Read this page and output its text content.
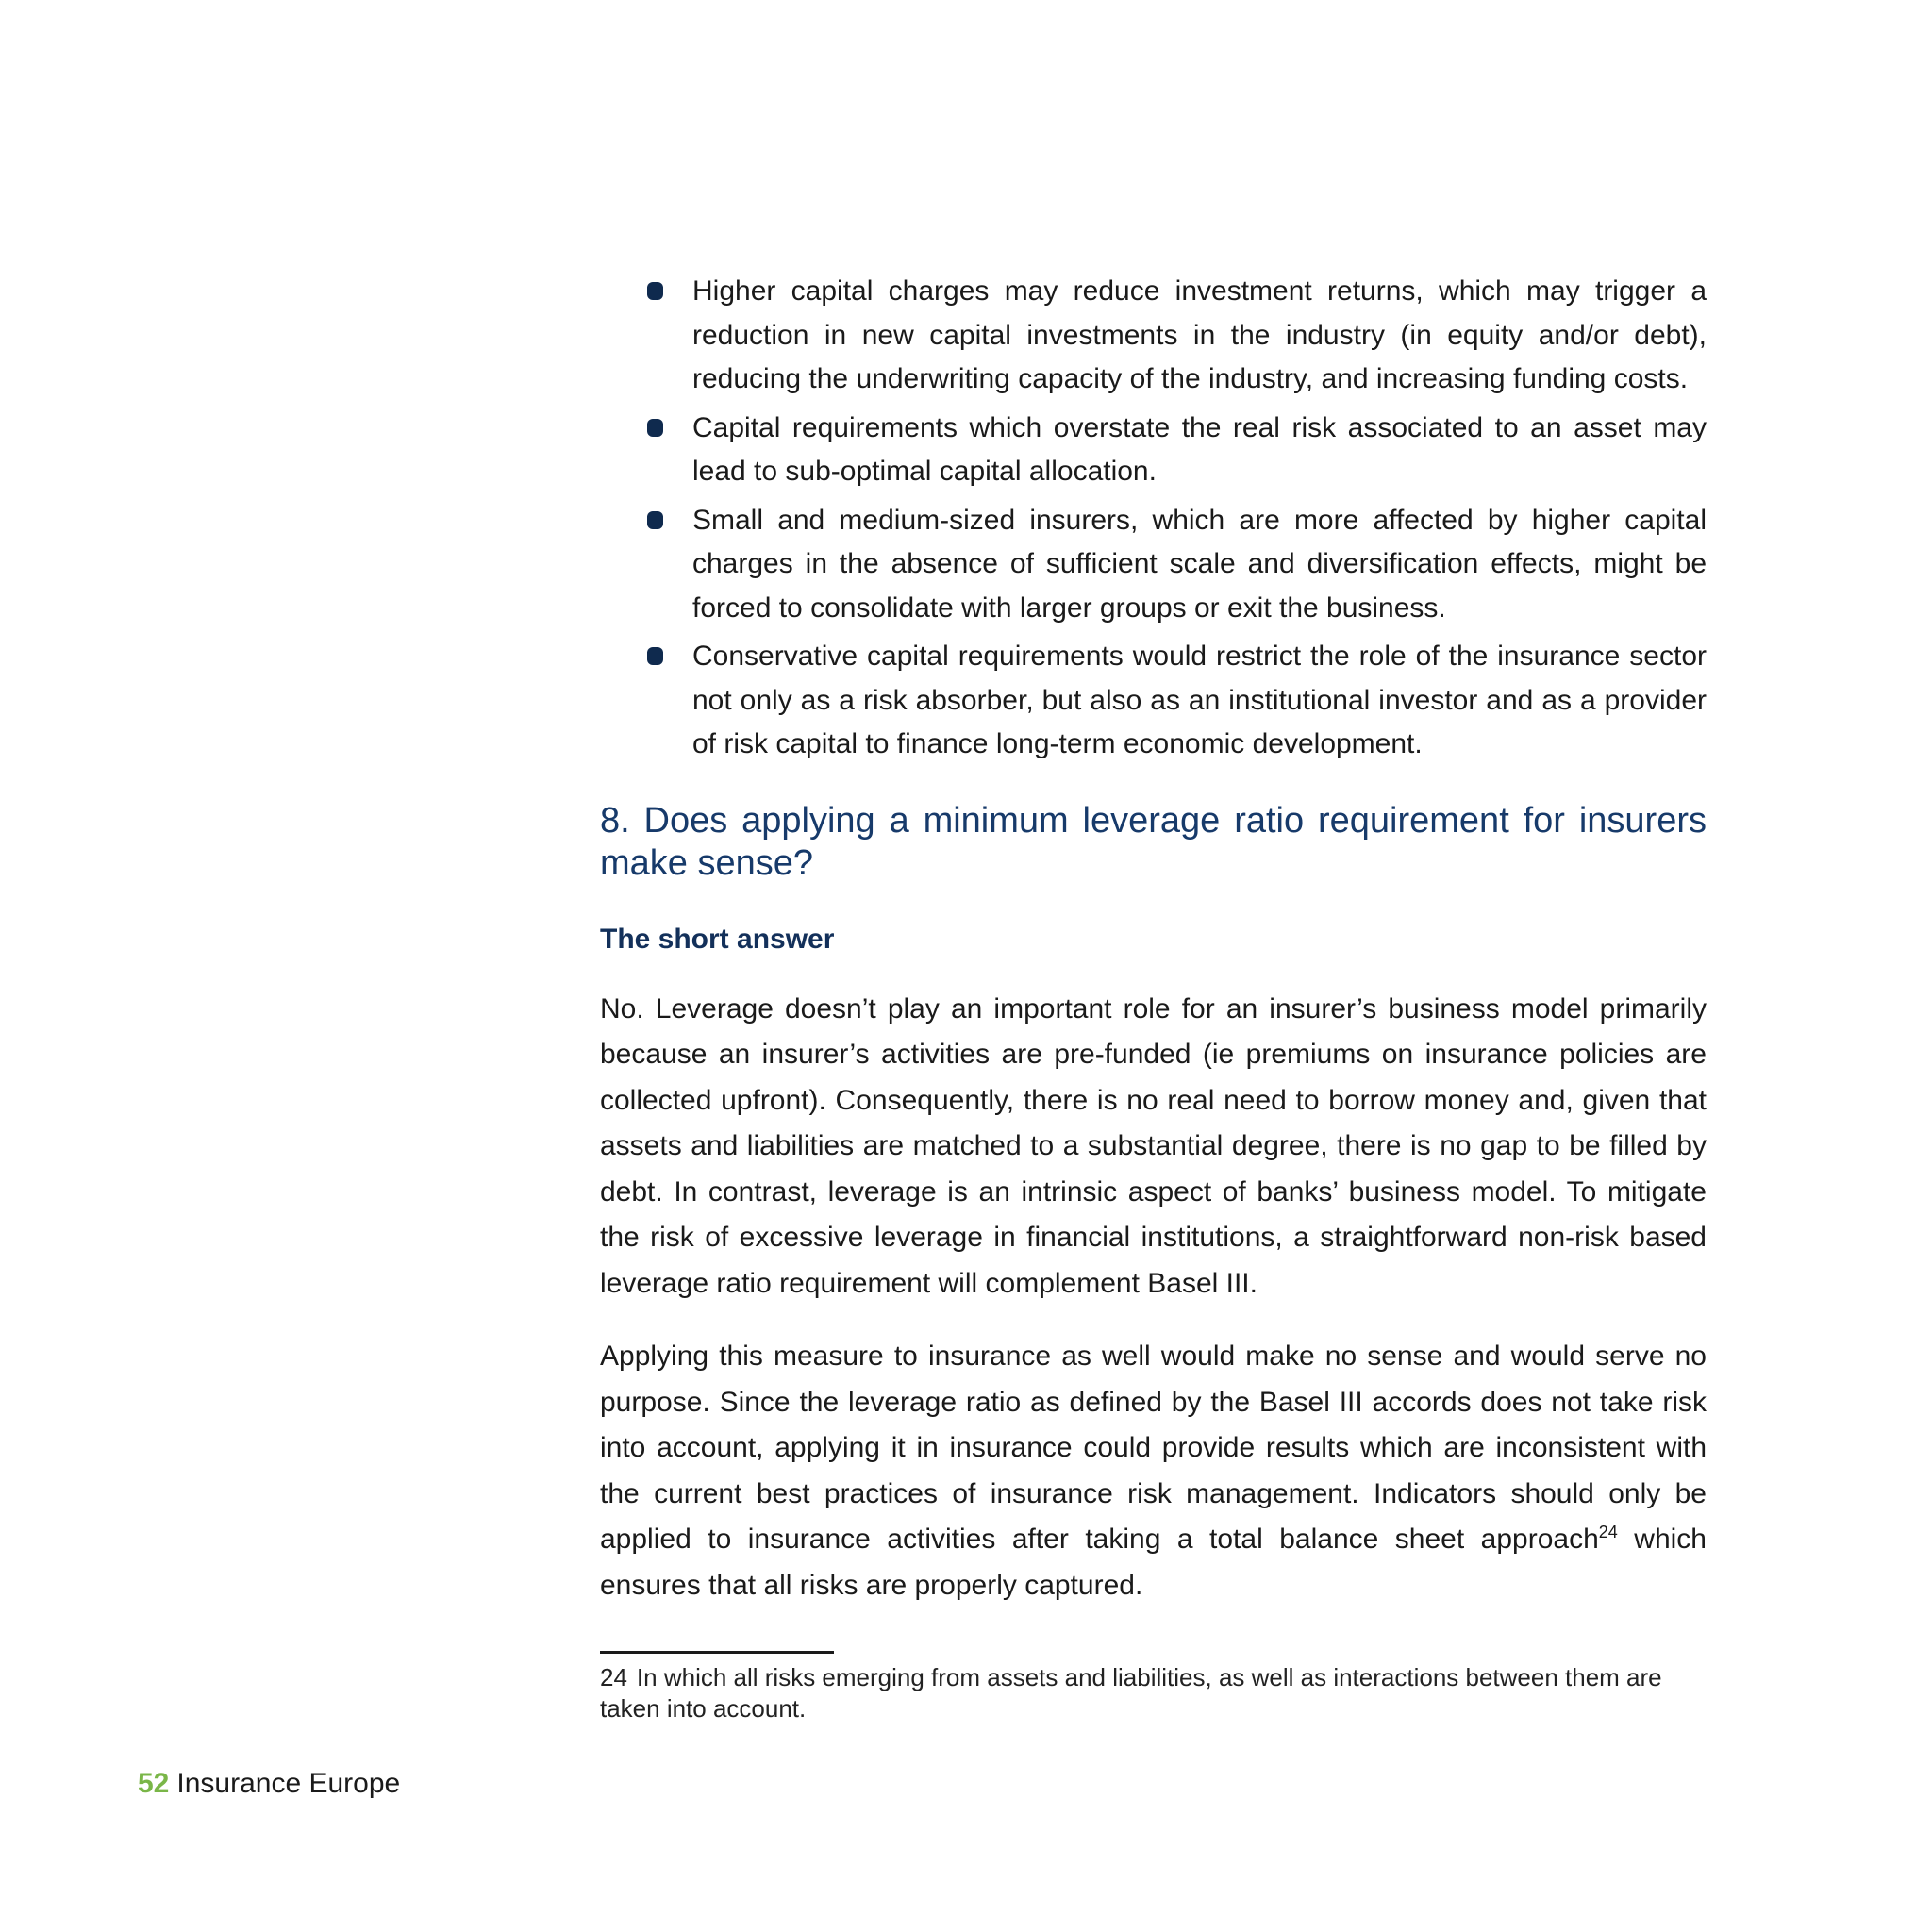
Higher capital charges may reduce investment returns, which may trigger a reduction in new capital investments in the industry (in equity and/or debt), reducing the underwriting capacity of the industry, and increasing funding costs.
Capital requirements which overstate the real risk associated to an asset may lead to sub-optimal capital allocation.
Small and medium-sized insurers, which are more affected by higher capital charges in the absence of sufficient scale and diversification effects, might be forced to consolidate with larger groups or exit the business.
Conservative capital requirements would restrict the role of the insurance sector not only as a risk absorber, but also as an institutional investor and as a provider of risk capital to finance long-term economic development.
8. Does applying a minimum leverage ratio requirement for insurers make sense?
The short answer

No. Leverage doesn’t play an important role for an insurer’s business model primarily because an insurer’s activities are pre-funded (ie premiums on insurance policies are collected upfront). Consequently, there is no real need to borrow money and, given that assets and liabilities are matched to a substantial degree, there is no gap to be filled by debt. In contrast, leverage is an intrinsic aspect of banks’ business model. To mitigate the risk of excessive leverage in financial institutions, a straightforward non-risk based leverage ratio requirement will complement Basel III.

Applying this measure to insurance as well would make no sense and would serve no purpose. Since the leverage ratio as defined by the Basel III accords does not take risk into account, applying it in insurance could provide results which are inconsistent with the current best practices of insurance risk management. Indicators should only be applied to insurance activities after taking a total balance sheet approach$^{24}$ which ensures that all risks are properly captured.

24 In which all risks emerging from assets and liabilities, as well as interactions between them are taken into account.
52 Insurance Europe
